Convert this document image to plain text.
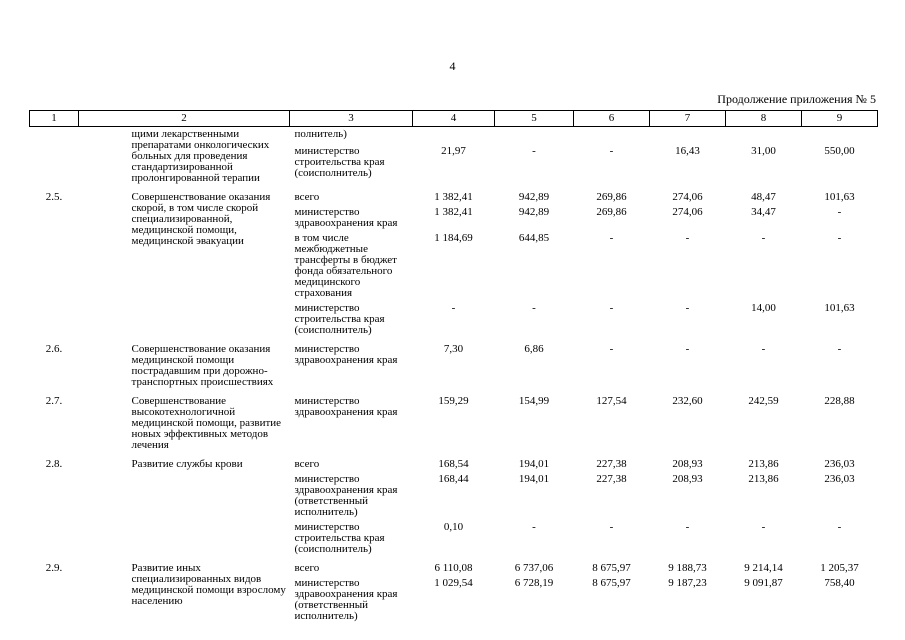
4
Продолжение приложения № 5
1	2	3	4	5	6	7	8	9
	щими лекарственными препаратами онкологических больных для проведения стандартизированной пролонгированной терапии	полнитель)						
		министерство строительства края (соисполнитель)	21,97	-	-	16,43	31,00	550,00
2.5.	Совершенствование оказания скорой, в том числе скорой специализированной, медицинской помощи, медицинской эвакуации	всего	1 382,41	942,89	269,86	274,06	48,47	101,63
		министерство здравоохранения края	1 382,41	942,89	269,86	274,06	34,47	-
		в том числе межбюджетные трансферты в бюджет фонда обязательного медицинского страхования	1 184,69	644,85	-	-	-	-
		министерство строительства края (соисполнитель)	-	-	-	-	14,00	101,63
2.6.	Совершенствование оказания медицинской помощи пострадавшим при дорожно-транспортных происшествиях	министерство здравоохранения края	7,30	6,86	-	-	-	-
2.7.	Совершенствование высокотехнологичной медицинской помощи, развитие новых эффективных методов лечения	министерство здравоохранения края	159,29	154,99	127,54	232,60	242,59	228,88
2.8.	Развитие службы крови	всего	168,54	194,01	227,38	208,93	213,86	236,03
		министерство здравоохранения края (ответственный исполнитель)	168,44	194,01	227,38	208,93	213,86	236,03
		министерство строительства края (соисполнитель)	0,10	-	-	-	-	-
2.9.	Развитие иных специализированных видов медицинской помощи взрослому населению	всего	6 110,08	6 737,06	8 675,97	9 188,73	9 214,14	1 205,37
		министерство здравоохранения края (ответственный исполнитель)	1 029,54	6 728,19	8 675,97	9 187,23	9 091,87	758,40
